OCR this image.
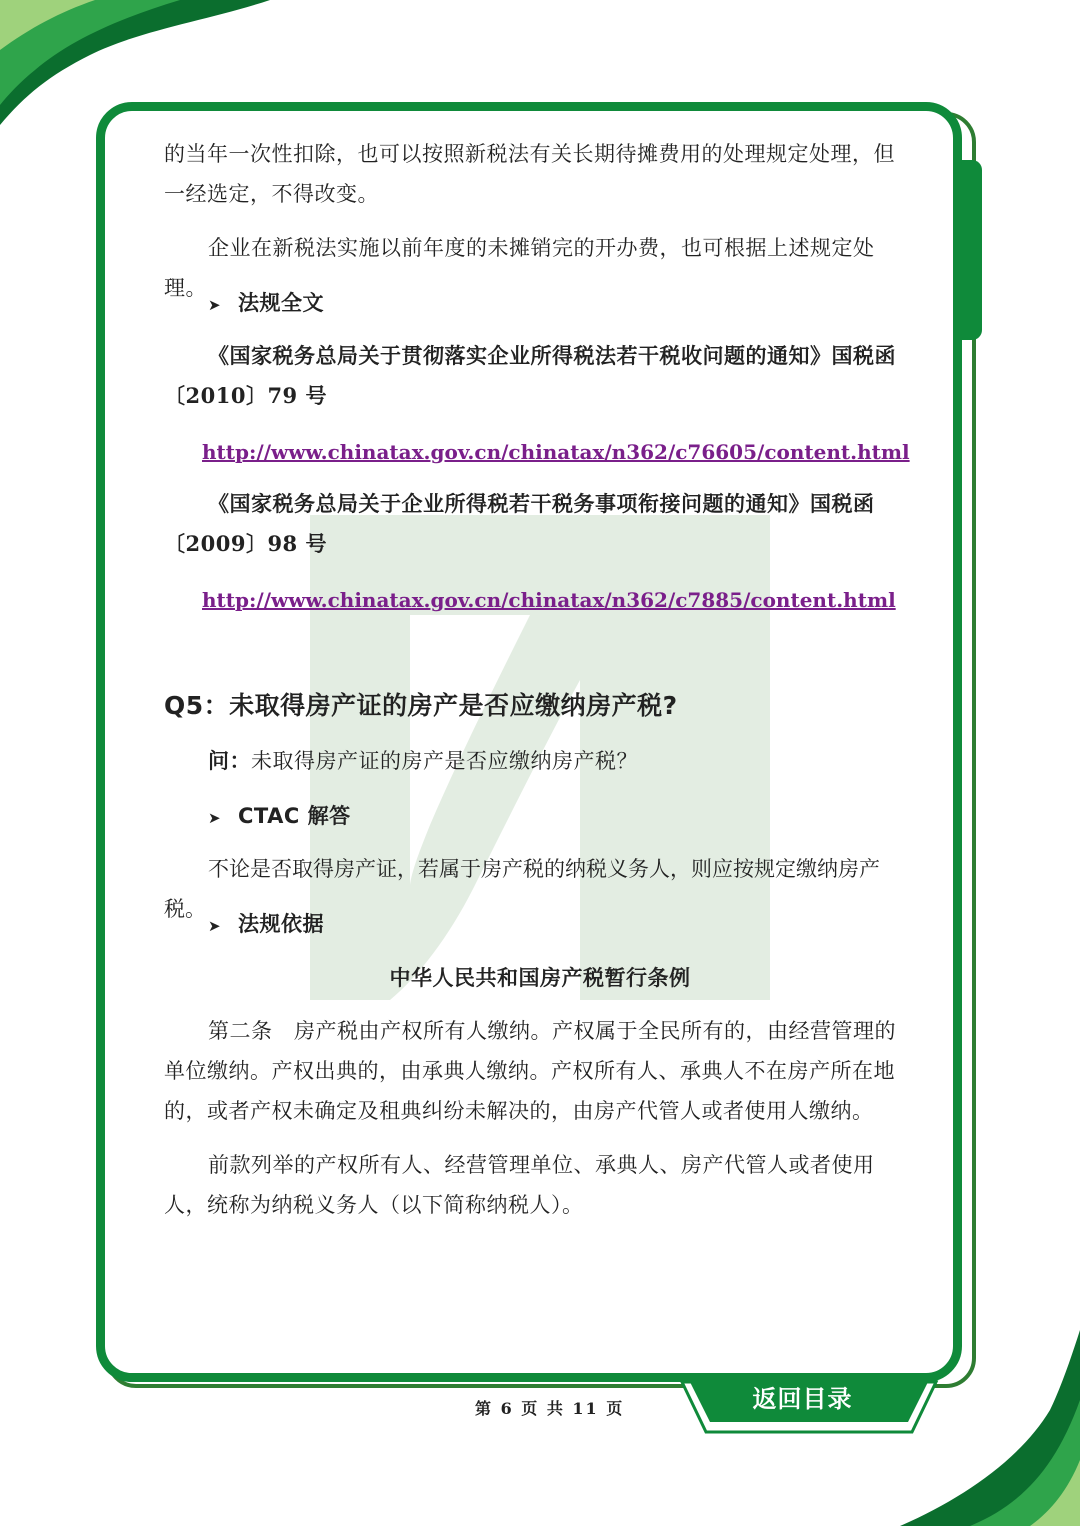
的当年一次性扣除，也可以按照新税法有关长期待摊费用的处理规定处理，但一经选定，不得改变。

企业在新税法实施以前年度的未摊销完的开办费，也可根据上述规定处理。

➤ 法规全文

《国家税务总局关于贯彻落实企业所得税法若干税收问题的通知》国税函〔2010〕79 号

http://www.chinatax.gov.cn/chinatax/n362/c76605/content.html

《国家税务总局关于企业所得税若干税务事项衔接问题的通知》国税函〔2009〕98 号

http://www.chinatax.gov.cn/chinatax/n362/c7885/content.html

Q5：未取得房产证的房产是否应缴纳房产税?

问：未取得房产证的房产是否应缴纳房产税？

➤ CTAC 解答

不论是否取得房产证，若属于房产税的纳税义务人，则应按规定缴纳房产税。

➤ 法规依据

中华人民共和国房产税暂行条例

第二条　房产税由产权所有人缴纳。产权属于全民所有的，由经营管理的单位缴纳。产权出典的，由承典人缴纳。产权所有人、承典人不在房产所在地的，或者产权未确定及租典纠纷未解决的，由房产代管人或者使用人缴纳。

前款列举的产权所有人、经营管理单位、承典人、房产代管人或者使用人，统称为纳税义务人（以下简称纳税人）。

第 6 页 共 11 页	返回目录
